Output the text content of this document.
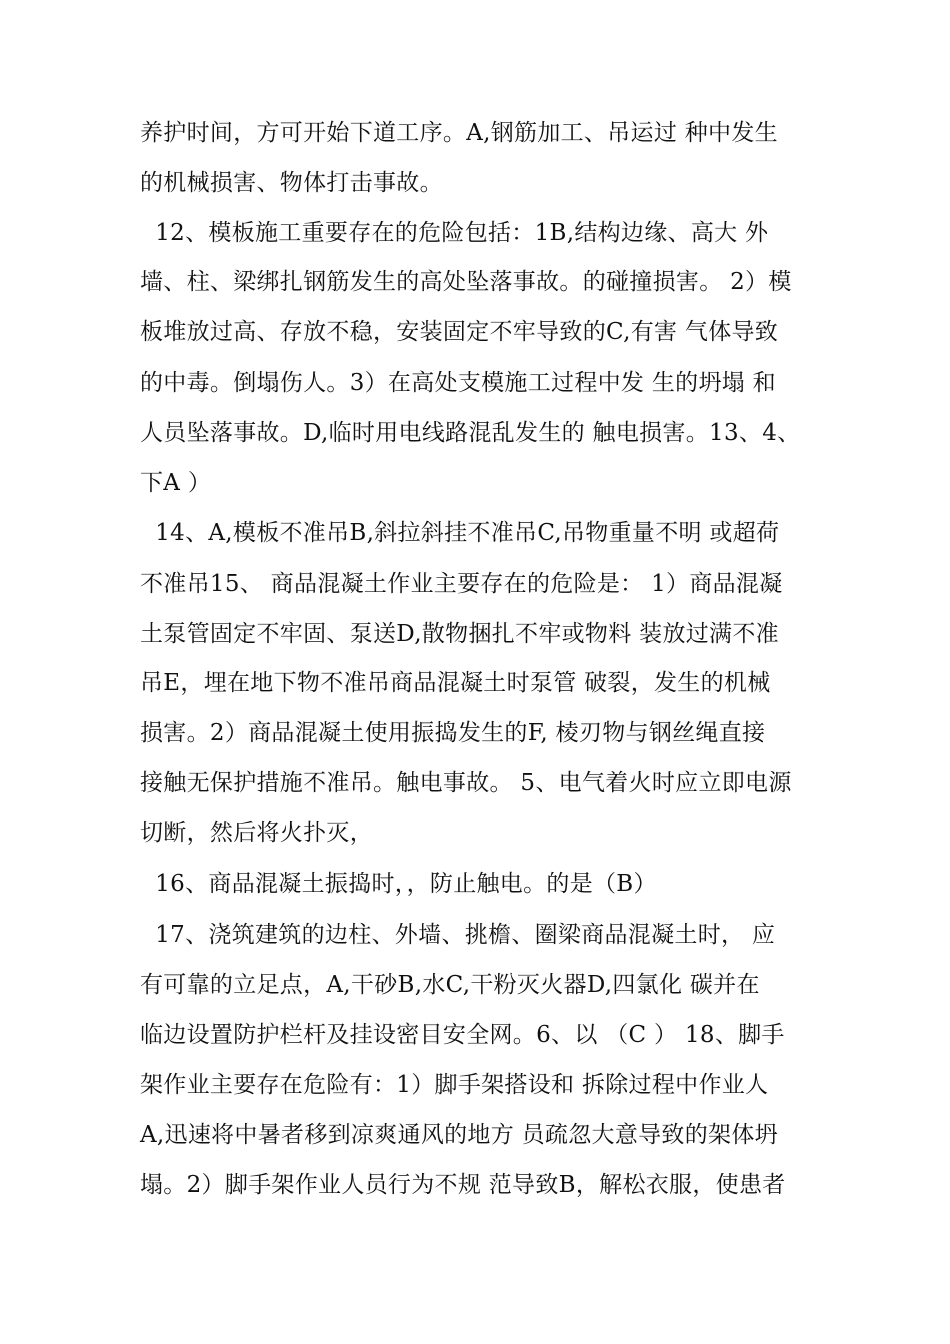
养护时间，方可开始下道工序。A,钢筋加工、吊运过 种中发生
的机械损害、物体打击事故。
12、模板施工重要存在的危险包括：1B,结构边缘、高大 外
墙、柱、梁绑扎钢筋发生的高处坠落事故。的碰撞损害。 2）模
板堆放过高、存放不稳，安装固定不牢导致的C,有害 气体导致
的中毒。倒塌伤人。3）在高处支模施工过程中发 生的坍塌 和
人员坠落事故。D,临时用电线路混乱发生的 触电损害。13、4、
下A ）
14、A,模板不准吊B,斜拉斜挂不准吊C,吊物重量不明 或超荷
不准吊15、 商品混凝土作业主要存在的危险是： 1）商品混凝
土泵管固定不牢固、泵送D,散物捆扎不牢或物料 装放过满不准
吊E，埋在地下物不准吊商品混凝土时泵管 破裂，发生的机械
损害。2）商品混凝土使用振捣发生的F, 棱刃物与钢丝绳直接
接触无保护措施不准吊。触电事故。 5、电气着火时应立即电源
切断，然后将火扑灭，
16、商品混凝土振捣时，，防止触电。的是（B）
17、浇筑建筑的边柱、外墙、挑檐、圈梁商品混凝土时， 应
有可靠的立足点，A,干砂B,水C,干粉灭火器D,四氯化 碳并在
临边设置防护栏杆及挂设密目安全网。6、以 （C ） 18、脚手
架作业主要存在危险有：1）脚手架搭设和 拆除过程中作业人
A,迅速将中暑者移到凉爽通风的地方 员疏忽大意导致的架体坍
塌。2）脚手架作业人员行为不规 范导致B，解松衣服，使患者
